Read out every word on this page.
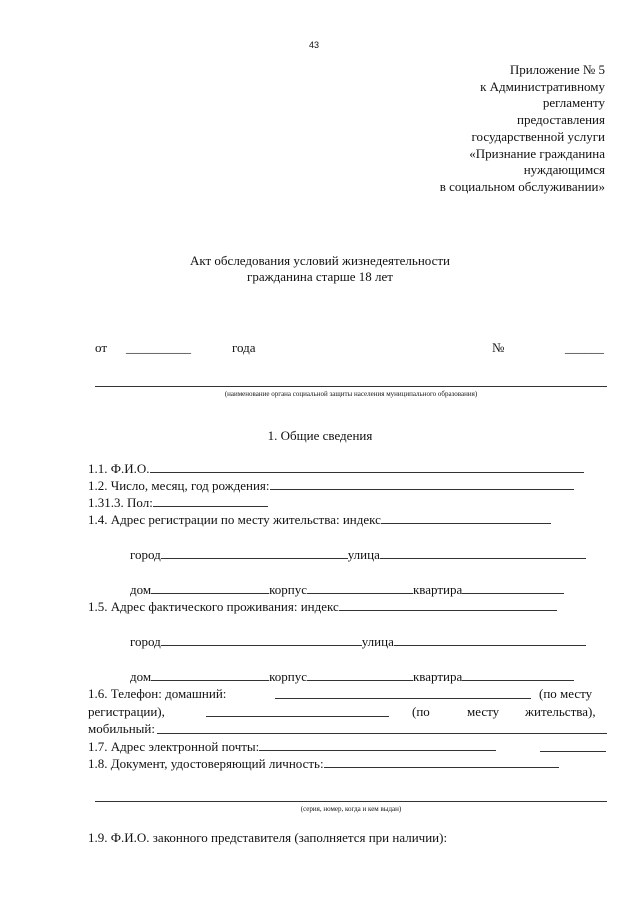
43
Приложение № 5
к Административному
регламенту
предоставления
государственной услуги
«Признание гражданина
нуждающимся
в социальном обслуживании»
Акт обследования условий жизнедеятельности
гражданина старше 18 лет
от __________	года	№	______
(наименование органа социальной защиты населения муниципального образования)
1. Общие сведения
1.1. Ф.И.О.
1.2. Число, месяц, год рождения:
1.31.3. Пол:
1.4. Адрес регистрации по месту жительства: индекс
город	улица
дом	корпус	квартира
1.5. Адрес фактического проживания: индекс
город	улица
дом	корпус	квартира
1.6. Телефон: домашний:	(по месту
регистрации),	(по	месту жительства),
мобильный:
1.7. Адрес электронной почты:
1.8. Документ, удостоверяющий личность:
(серия, номер, когда и кем выдан)
1.9. Ф.И.О. законного представителя (заполняется при наличии):
